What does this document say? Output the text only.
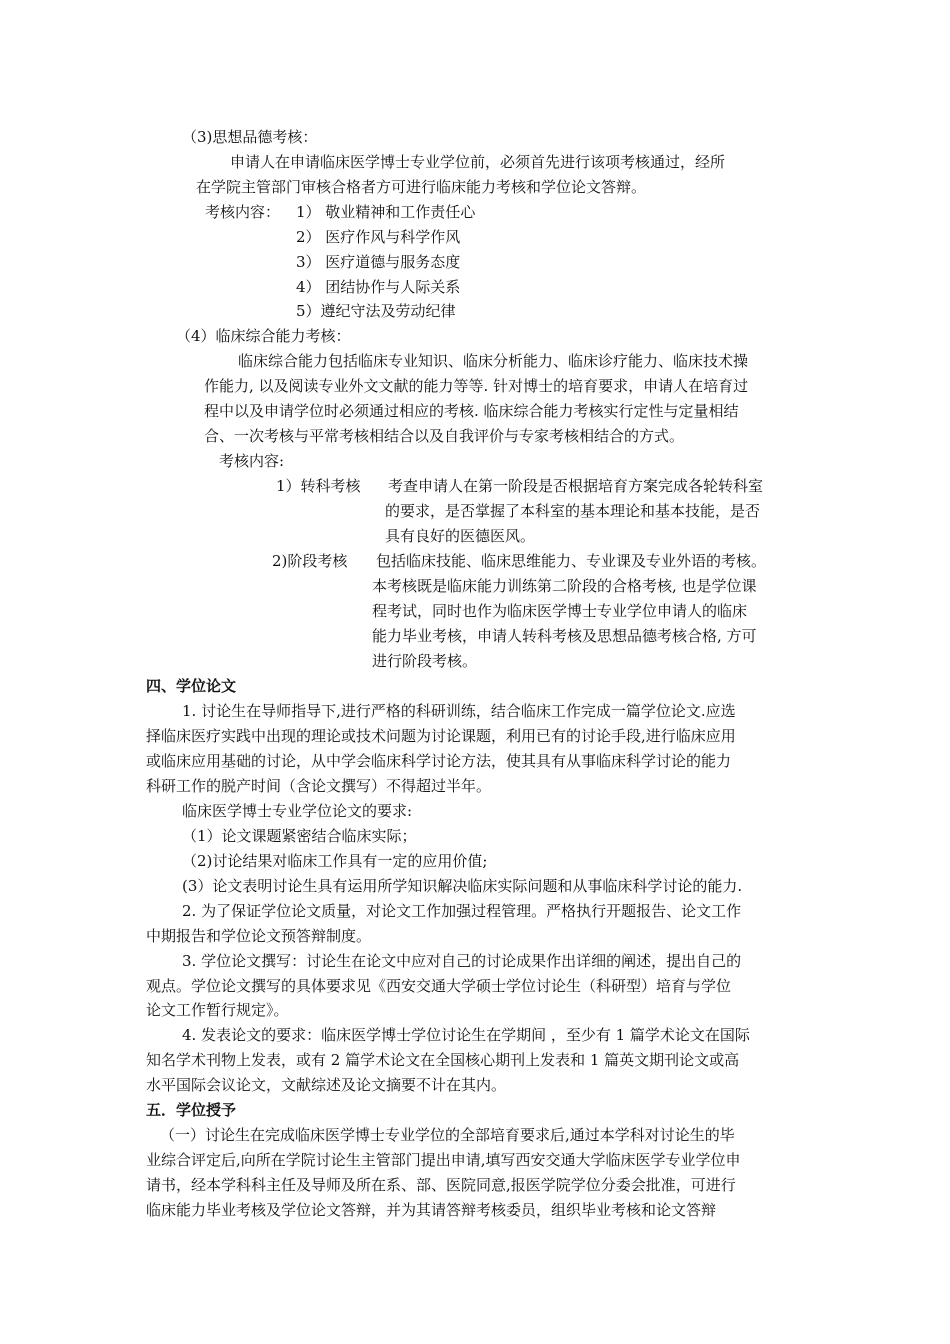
（3)思想品德考核：
申请人在申请临床医学博士专业学位前，必须首先进行该项考核通过，经所
在学院主管部门审核合格者方可进行临床能力考核和学位论文答辩。
考核内容： 1） 敬业精神和工作责任心
2） 医疗作风与科学作风
3） 医疗道德与服务态度
4） 团结协作与人际关系
5）遵纪守法及劳动纪律
（4）临床综合能力考核：
临床综合能力包括临床专业知识、临床分析能力、临床诊疗能力、临床技术操
作能力, 以及阅读专业外文文献的能力等等. 针对博士的培育要求，申请人在培育过
程中以及申请学位时必须通过相应的考核. 临床综合能力考核实行定性与定量相结
合、一次考核与平常考核相结合以及自我评价与专家考核相结合的方式。
考核内容:
1）转科考核 考查申请人在第一阶段是否根据培育方案完成各轮转科室
的要求，是否掌握了本科室的基本理论和基本技能，是否
具有良好的医德医风。
2)阶段考核 包括临床技能、临床思维能力、专业课及专业外语的考核。
本考核既是临床能力训练第二阶段的合格考核, 也是学位课
程考试，同时也作为临床医学博士专业学位申请人的临床
能力毕业考核，申请人转科考核及思想品德考核合格, 方可
进行阶段考核。
四、学位论文
1. 讨论生在导师指导下,进行严格的科研训练，结合临床工作完成一篇学位论文.应选
择临床医疗实践中出现的理论或技术问题为讨论课题，利用已有的讨论手段,进行临床应用
或临床应用基础的讨论，从中学会临床科学讨论方法，使其具有从事临床科学讨论的能力
科研工作的脱产时间（含论文撰写）不得超过半年。
临床医学博士专业学位论文的要求:
（1）论文课题紧密结合临床实际；
（2)讨论结果对临床工作具有一定的应用价值;
(3）论文表明讨论生具有运用所学知识解决临床实际问题和从事临床科学讨论的能力.
2. 为了保证学位论文质量，对论文工作加强过程管理。严格执行开题报告、论文工作
中期报告和学位论文预答辩制度。
3. 学位论文撰写：讨论生在论文中应对自己的讨论成果作出详细的阐述，提出自己的
观点。学位论文撰写的具体要求见《西安交通大学硕士学位讨论生（科研型）培育与学位
论文工作暂行规定》。
4. 发表论文的要求：临床医学博士学位讨论生在学期间 ，至少有 1 篇学术论文在国际
知名学术刊物上发表，或有 2 篇学术论文在全国核心期刊上发表和 1 篇英文期刊论文或高
水平国际会议论文，文献综述及论文摘要不计在其内。
五．学位授予
（一）讨论生在完成临床医学博士专业学位的全部培育要求后,通过本学科对讨论生的毕
业综合评定后,向所在学院讨论生主管部门提出申请,填写西安交通大学临床医学专业学位申
请书，经本学科科主任及导师及所在系、部、医院同意,报医学院学位分委会批准，可进行
临床能力毕业考核及学位论文答辩，并为其请答辩考核委员，组织毕业考核和论文答辩
